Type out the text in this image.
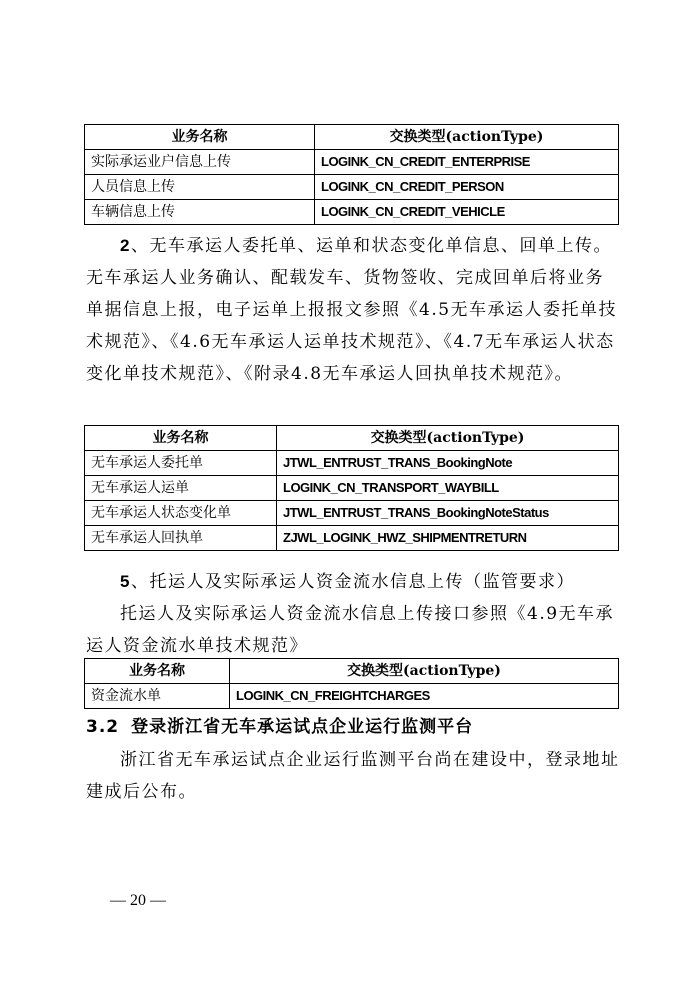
业务名称	交换类型(actionType)
实际承运业户信息上传	LOGINK_CN_CREDIT_ENTERPRISE
人员信息上传	LOGINK_CN_CREDIT_PERSON
车辆信息上传	LOGINK_CN_CREDIT_VEHICLE

2、无车承运人委托单、运单和状态变化单信息、回单上传。无车承运人业务确认、配载发车、货物签收、完成回单后将业务单据信息上报，电子运单上报报文参照《4.5无车承运人委托单技术规范》、《4.6无车承运人运单技术规范》、《4.7无车承运人状态变化单技术规范》、《附录4.8无车承运人回执单技术规范》。

业务名称	交换类型(actionType)
无车承运人委托单	JTWL_ENTRUST_TRANS_BookingNote
无车承运人运单	LOGINK_CN_TRANSPORT_WAYBILL
无车承运人状态变化单	JTWL_ENTRUST_TRANS_BookingNoteStatus
无车承运人回执单	ZJWL_LOGINK_HWZ_SHIPMENTRETURN

5、托运人及实际承运人资金流水信息上传（监管要求）

托运人及实际承运人资金流水信息上传接口参照《4.9无车承运人资金流水单技术规范》

业务名称	交换类型(actionType)
资金流水单	LOGINK_CN_FREIGHTCHARGES

3.2 登录浙江省无车承运试点企业运行监测平台

浙江省无车承运试点企业运行监测平台尚在建设中，登录地址建成后公布。

— 20 —
